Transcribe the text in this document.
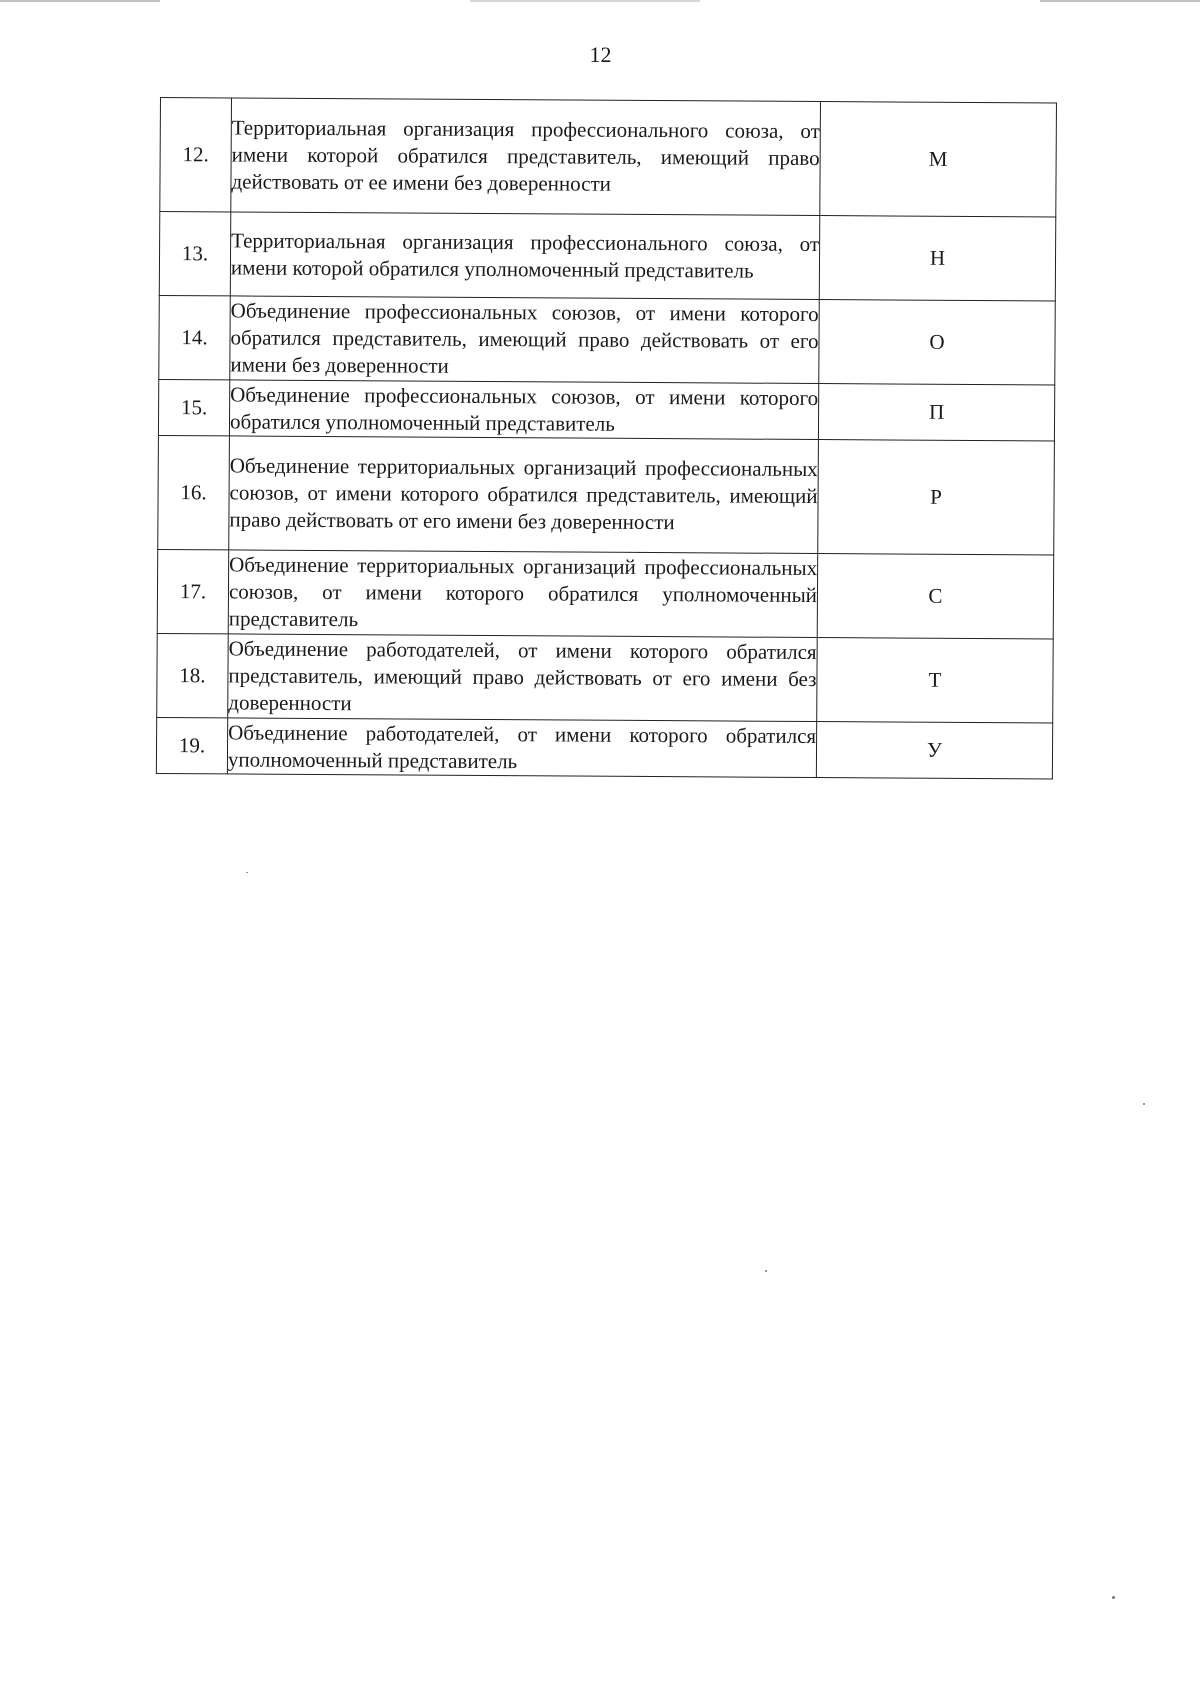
12
12.	Территориальная организация профессионального союза, от имени которой обратился представитель, имеющий право действовать от ее имени без доверенности	М
13.	Территориальная организация профессионального союза, от имени которой обратился уполномоченный представитель	Н
14.	Объединение профессиональных союзов, от имени которого обратился представитель, имеющий право действовать от его имени без доверенности	О
15.	Объединение профессиональных союзов, от имени которого обратился уполномоченный представитель	П
16.	Объединение территориальных организаций профессиональных союзов, от имени которого обратился представитель, имеющий право действовать от его имени без доверенности	Р
17.	Объединение территориальных организаций профессиональных союзов, от имени которого обратился уполномоченный представитель	С
18.	Объединение работодателей, от имени которого обратился представитель, имеющий право действовать от его имени без доверенности	Т
19.	Объединение работодателей, от имени которого обратился уполномоченный представитель	У
